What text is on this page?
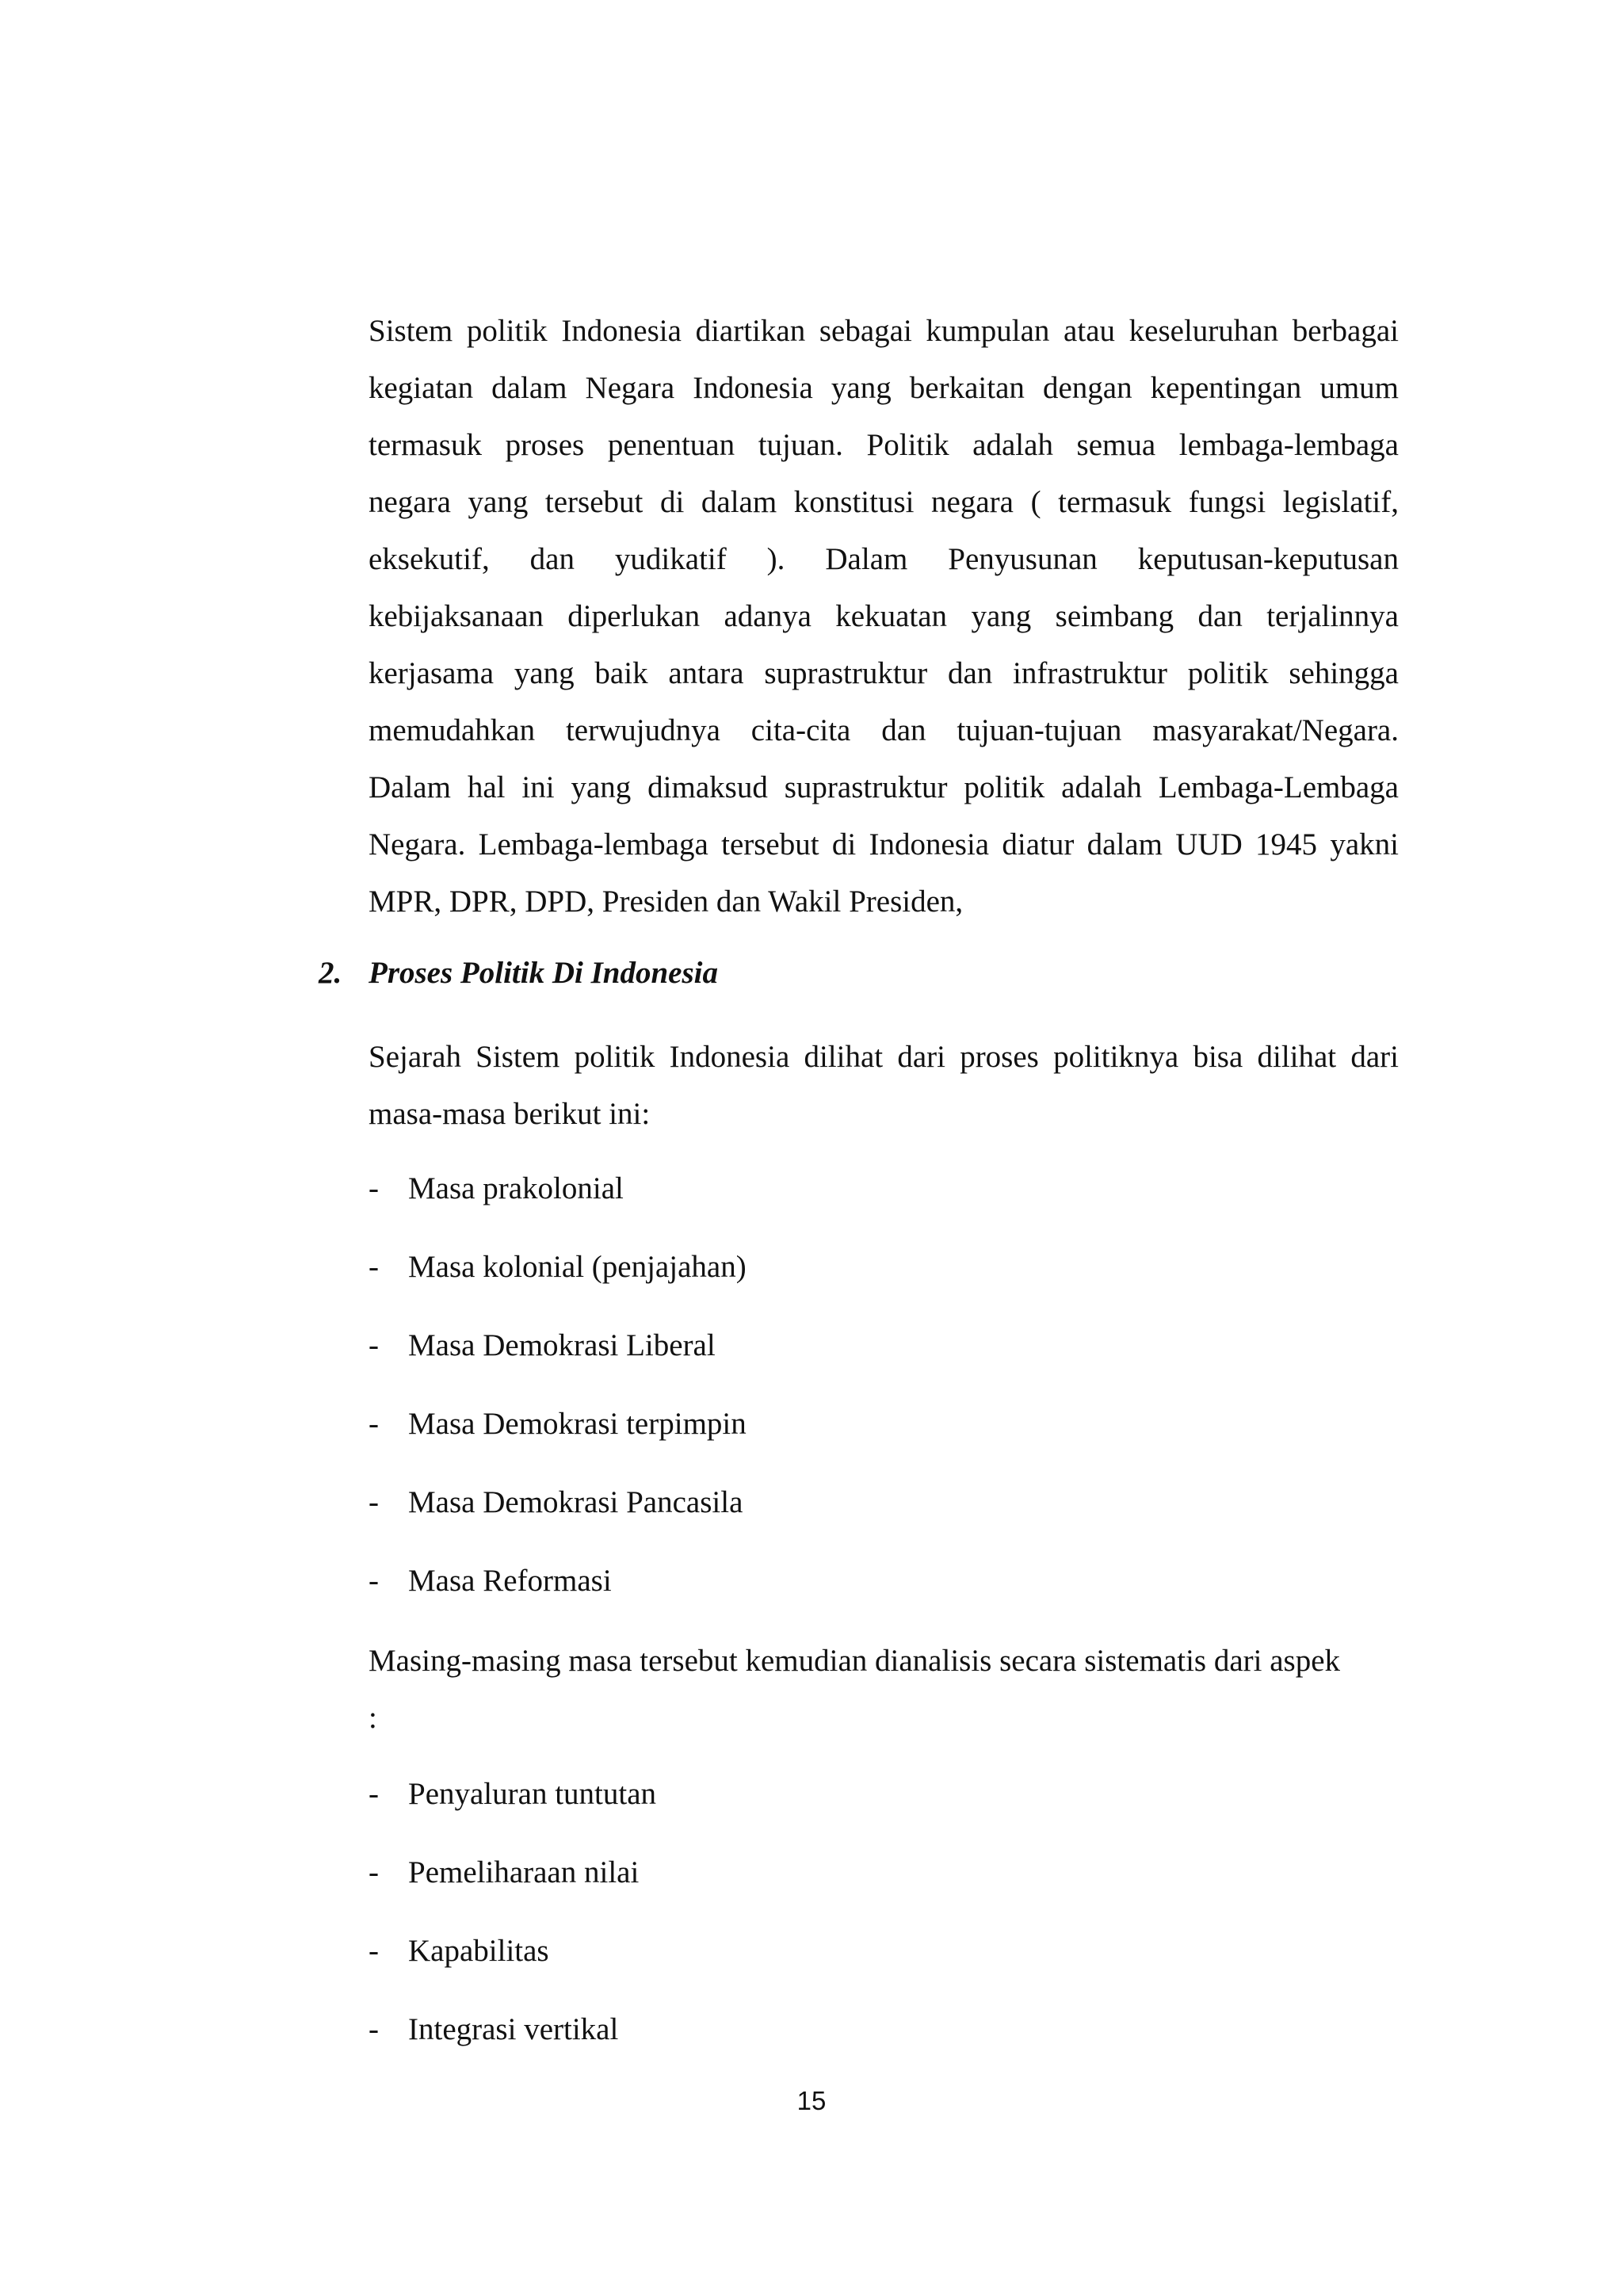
Sistem politik Indonesia diartikan sebagai kumpulan atau keseluruhan berbagai
kegiatan dalam Negara Indonesia yang berkaitan dengan kepentingan umum
termasuk proses penentuan tujuan. Politik adalah semua lembaga-lembaga
negara yang tersebut di dalam konstitusi negara ( termasuk fungsi legislatif,
eksekutif, dan yudikatif ). Dalam Penyusunan keputusan-keputusan
kebijaksanaan diperlukan adanya kekuatan yang seimbang dan terjalinnya
kerjasama yang baik antara suprastruktur dan infrastruktur politik sehingga
memudahkan terwujudnya cita-cita dan tujuan-tujuan masyarakat/Negara.
Dalam hal ini yang dimaksud suprastruktur politik adalah Lembaga-Lembaga
Negara. Lembaga-lembaga tersebut di Indonesia diatur dalam UUD 1945 yakni
MPR, DPR, DPD, Presiden dan Wakil Presiden,
2. Proses Politik Di Indonesia
Sejarah Sistem politik Indonesia dilihat dari proses politiknya bisa dilihat dari
masa-masa berikut ini:
- Masa prakolonial
- Masa kolonial (penjajahan)
- Masa Demokrasi Liberal
- Masa Demokrasi terpimpin
- Masa Demokrasi Pancasila
- Masa Reformasi
Masing-masing masa tersebut kemudian dianalisis secara sistematis dari aspek
:
- Penyaluran tuntutan
- Pemeliharaan nilai
- Kapabilitas
- Integrasi vertikal
15
